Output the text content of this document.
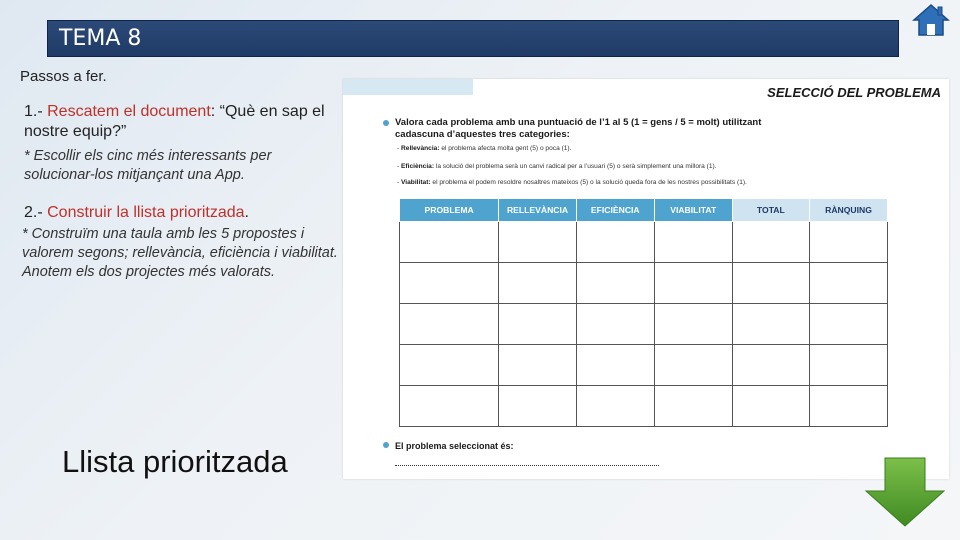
TEMA 8
Passos a fer.
1.- Rescatem el document: “Què en sap el nostre equip?”
* Escollir els cinc més interessants per solucionar-los mitjançant una App.
2.- Construir la llista prioritzada.
* Construïm una taula amb les 5 propostes i valorem segons; rellevància, eficiència i viabilitat. Anotem els dos projectes més valorats.
Llista prioritzada
SELECCIÓ DEL PROBLEMA
Valora cada problema amb una puntuació de l’1 al 5 (1 = gens / 5 = molt) utilitzant cadascuna d’aquestes tres categories:
- Rellevància: el problema afecta molta gent (5) o poca (1).
- Eficiència: la solució del problema serà un canvi radical per a l’usuari (5) o serà simplement una millora (1).
- Viabilitat: el problema el podem resoldre nosaltres mateixos (5) o la solució queda fora de les nostres possibilitats (1).
PROBLEMA	RELLEVÀNCIA	EFICIÈNCIA	VIABILITAT	TOTAL	RÀNQUING

El problema seleccionat és:
